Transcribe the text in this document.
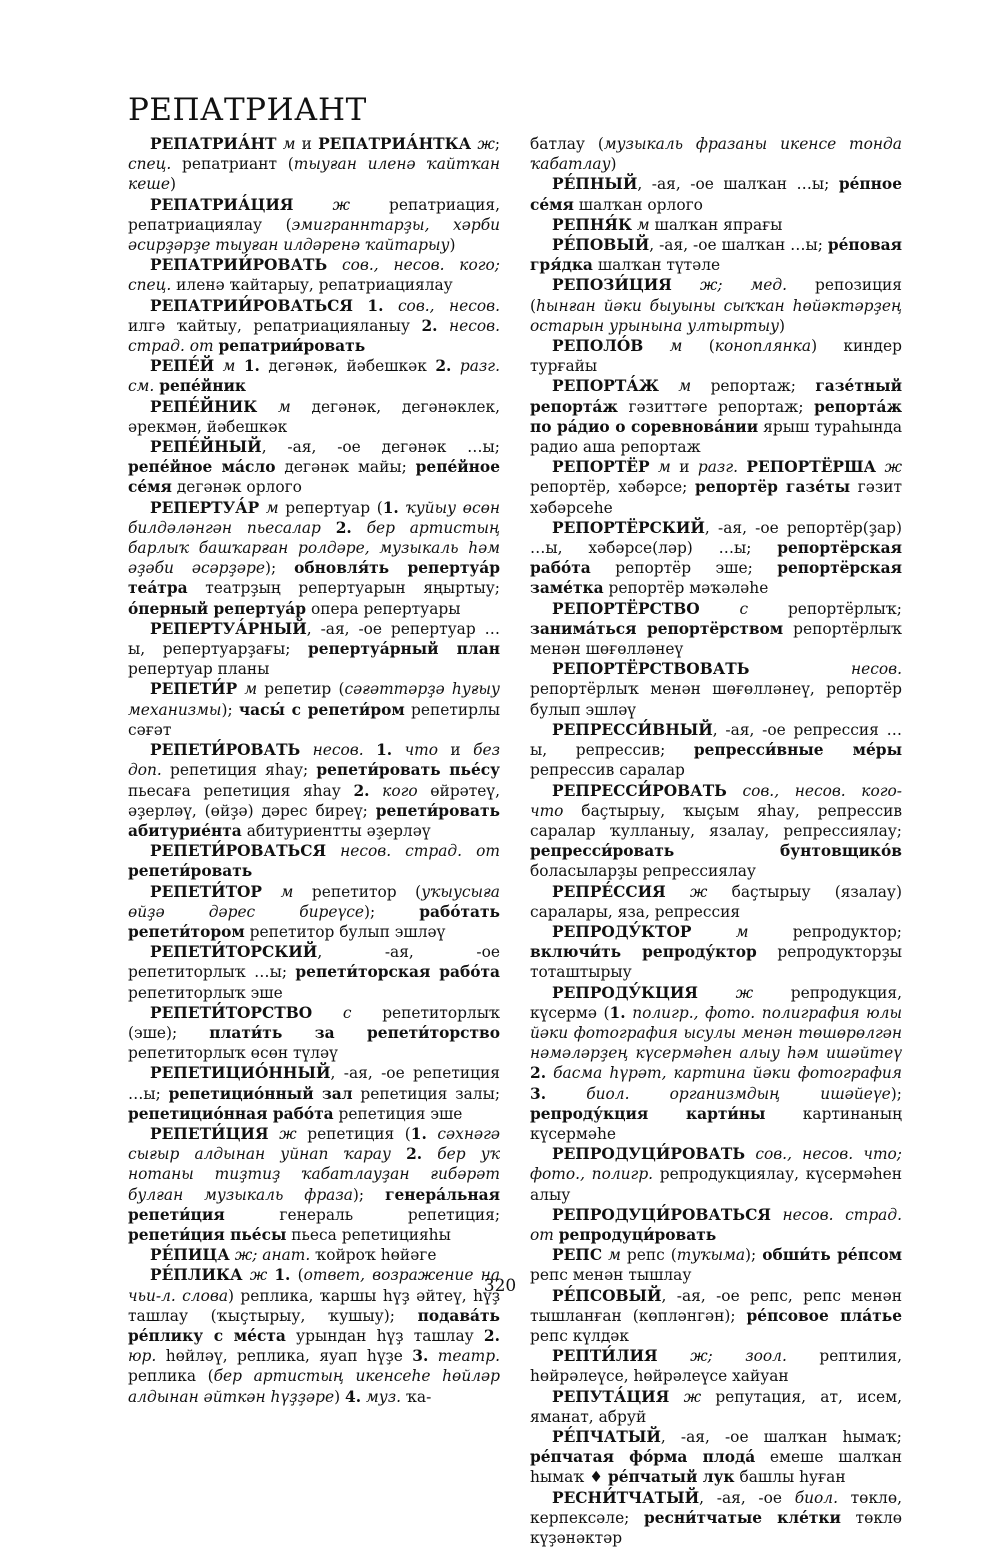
РЕПАТРИАНТ
РЕПАТРИА́НТ м и РЕПАТРИА́НТКА ж; спец. репатриант (тыуған иленә ҡайтҡан кеше)
РЕПАТРИА́ЦИЯ	ж репатриация, репатриациялау (эмиграннтарҙы, хәрби әсирҙәрҙе тыуған илдәренә ҡайтарыу)
РЕПАТРИИ́РОВАТЬ сов., несов. кого; спец. иленә ҡайтарыу, репатриациялау
РЕПАТРИИ́РОВАТЬСЯ 1. сов., несов. илгә ҡайтыу, репатриацияланыу 2. несов. страд. от репатрии́ровать
РЕПЕ́Й м 1. дегәнәк, йәбешкәк 2. разг. см. репе́йник
РЕПЕ́ЙНИК м дегәнәк, дегәнәклек, әрекмән, йәбешкәк
РЕПЕ́ЙНЫЙ, -ая, -ое дегәнәк …ы; репе́йное ма́сло дегәнәк майы; репе́йное се́мя дегәнәк орлого
РЕПЕРТУА́Р м репертуар (1. ҡуйыу өсөн билдәләнгән пьесалар 2. бер артистың барлыҡ башҡарған ролдәре, музыкаль һәм әҙәби әсәрҙәре); обновля́ть репертуа́р теа́тра театрҙың репертуарын яңыртыу; о́перный репертуа́р опера репертуары
РЕПЕРТУА́РНЫЙ, -ая, -ое репертуар …ы, репертуарҙағы; репертуа́рный план репертуар планы
РЕПЕТИ́Р м репетир (сәғәттәрҙә һуғыу механизмы); часы́ с репети́ром репетирлы сәғәт
РЕПЕТИ́РОВАТЬ несов. 1. что и без доп. репетиция яһау; репети́ровать пье́су пьесаға репетиция яһау 2. кого өйрәтеү, әҙерләү, (өйҙә) дәрес биреү; репети́ровать абитурие́нта абитуриентты әҙерләү
РЕПЕТИ́РОВАТЬСЯ несов. страд. от репети́ровать
РЕПЕТИ́ТОР м репетитор (уҡыусыға өйҙә дәрес биреүсе); рабо́тать репети́тором репетитор булып эшләү
РЕПЕТИ́ТОРСКИЙ, -ая, -ое репетиторлыҡ …ы; репети́торская рабо́та репетиторлыҡ эше
РЕПЕТИ́ТОРСТВО с репетиторлыҡ (эше); плати́ть за репети́торство репетиторлыҡ өсөн түләү
РЕПЕТИЦИО́ННЫЙ, -ая, -ое репетиция …ы; репетицио́нный зал репетиция залы; репетицио́нная рабо́та репетиция эше
РЕПЕТИ́ЦИЯ ж репетиция (1. сәхнәгә сығыр алдынан уйнап ҡарау 2. бер уҡ нотаны тиҙтиҙ ҡабатлауҙан ғибәрәт булған музыкаль фраза); генера́льная репети́ция генераль репетиция; репети́ция пье́сы пьеса репетицияһы
РЕ́ПИЦА ж; анат. ҡойроҡ һөйәге
РЕ́ПЛИКА ж 1. (ответ, возражение на чьи-л. слова) реплика, ҡаршы һүҙ әйтеү, һүҙ ташлау (ҡыҫтырыу, ҡушыу); подава́ть ре́плику с ме́ста урындан һүҙ ташлау 2. юр. һөйләү, реплика, яуап һүҙе 3. театр. реплика (бер артистың икенсеһе һөйләр алдынан әйткән һүҙҙәре) 4. муз. ҡа-
батлау (музыкаль фразаны икенсе тонда ҡабатлау)
РЕ́ПНЫЙ, -ая, -ое шалҡан …ы; ре́пное се́мя шалҡан орлого
РЕПНЯ́К м шалҡан япрағы
РЕ́ПОВЫЙ, -ая, -ое шалҡан …ы; ре́повая гря́дка шалҡан түтәле
РЕПОЗИ́ЦИЯ ж; мед. репозиция (һынған йәки быуыны сыҡҡан һөйәктәрҙең остарын урынына ултыртыу)
РЕПОЛО́В м (коноплянка) киндер турғайы
РЕПОРТА́Ж м репортаж; газе́тный репорта́ж гәзиттәге репортаж; репорта́ж по ра́дио о соревнова́нии ярыш тураһында радио аша репортаж
РЕПОРТЁР м и разг. РЕПОРТЁРША ж репортёр, хәбәрсе; репортёр газе́ты гәзит хәбәрсеһе
РЕПОРТЁРСКИЙ, -ая, -ое репортёр(ҙар) …ы, хәбәрсе(ләр) …ы; репортёрская рабо́та репортёр эше; репортёрская заме́тка репортёр мәҡәләһе
РЕПОРТЁРСТВО	с репортёрлыҡ; занима́ться репортёрством репортёрлыҡ менән шөғөлләнеү
РЕПОРТЁРСТВОВАТЬ	несов. репортёрлыҡ менән шөғөлләнеү, репортёр булып эшләү
РЕПРЕССИ́ВНЫЙ, -ая, -ое репрессия …ы, репрессив; репресси́вные ме́ры репрессив саралар
РЕПРЕССИ́РОВАТЬ сов., несов. кого-что баҫтырыу, ҡыҫым яһау, репрессив саралар ҡулланыу, язалау, репрессиялау; репресси́ровать бунтовщико́в боласыларҙы репрессиялау
РЕПРЕ́ССИЯ ж баҫтырыу (язалау) саралары, яза, репрессия
РЕПРОДУ́КТОР	м репродуктор; включи́ть репроду́ктор репродукторҙы тоташтырыу
РЕПРОДУ́КЦИЯ ж репродукция, күсермә (1. полигр., фото. полиграфия юлы йәки фотография ысулы менән төшөрөлгән нәмәләрҙең күсермәһен алыу һәм ишәйтеү 2. басма һүрәт, картина йәки фотография 3.	биол. организмдың ишәйеүе); репроду́кция карти́ны картинаның күсермәһе
РЕПРОДУЦИ́РОВАТЬ сов., несов. что; фото., полигр. репродукциялау, күсермәһен алыу
РЕПРОДУЦИ́РОВАТЬСЯ несов. страд. от репродуци́ровать
РЕПС м репс (туҡыма); обши́ть ре́псом репс менән тышлау
РЕ́ПСОВЫЙ, -ая, -ое репс, репс менән тышланған (көпләнгән); ре́псовое пла́тье репс күлдәк
РЕПТИ́ЛИЯ ж; зоол. рептилия, һөйрәлеүсе, һөйрәлеүсе хайуан
РЕПУТА́ЦИЯ ж репутация, ат, исем, яманат, абруй
РЕ́ПЧАТЫЙ, -ая, -ое шалҡан һымаҡ; ре́пчатая фо́рма плода́ емеше шалҡан һымаҡ ♦ ре́пчатый лук башлы һуған
РЕСНИ́ТЧАТЫЙ, -ая, -ое биол. төклө, керпексәле; ресни́тчатые кле́тки төклө күҙәнәктәр
320
